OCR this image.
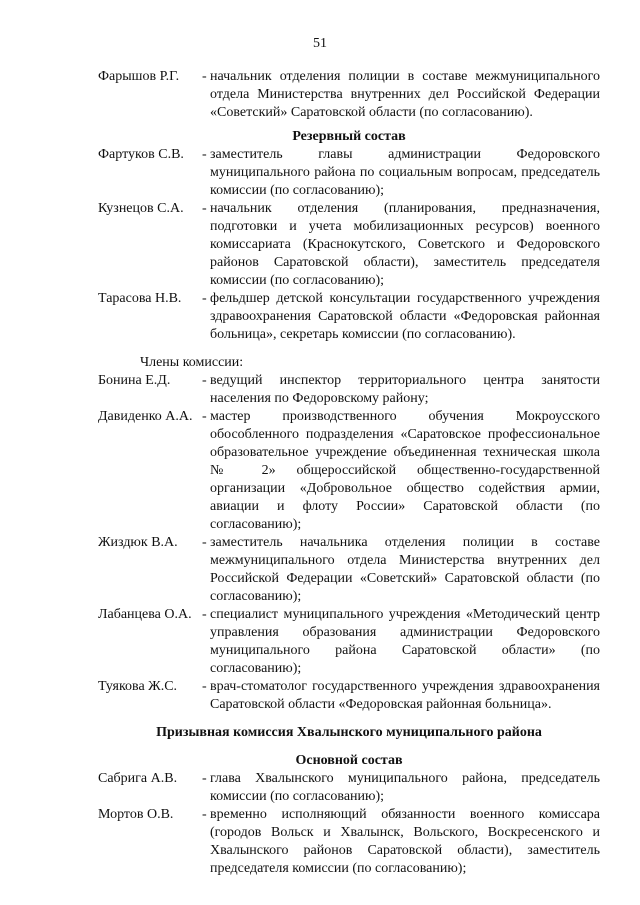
51
Фарышов Р.Г.	- начальник отделения полиции в составе межмуниципального отдела Министерства внутренних дел Российской Федерации «Советский» Саратовской области (по согласованию).
Резервный состав
Фартуков С.В.	- заместитель главы администрации Федоровского муниципального района по социальным вопросам, председатель комиссии (по согласованию);
Кузнецов С.А.	- начальник отделения (планирования, предназначения, подготовки и учета мобилизационных ресурсов) военного комиссариата (Краснокутского, Советского и Федоровского районов Саратовской области), заместитель председателя комиссии (по согласованию);
Тарасова Н.В.	- фельдшер детской консультации государственного учреждения здравоохранения Саратовской области «Федоровская районная больница», секретарь комиссии (по согласованию).
Члены комиссии:
Бонина Е.Д.	- ведущий инспектор территориального центра занятости населения по Федоровскому району;
Давиденко А.А. - мастер производственного обучения Мокроусского обособленного подразделения «Саратовское профессиональное образовательное учреждение объединенная техническая школа № 2» общероссийской общественно-государственной организации «Добровольное общество содействия армии, авиации и флоту России» Саратовской области (по согласованию);
Жиздюк В.А.	- заместитель начальника отделения полиции в составе межмуниципального отдела Министерства внутренних дел Российской Федерации «Советский» Саратовской области (по согласованию);
Лабанцева О.А. - специалист муниципального учреждения «Методический центр управления образования администрации Федоровского муниципального района Саратовской области» (по согласованию);
Туякова Ж.С.	- врач-стоматолог государственного учреждения здравоохранения Саратовской области «Федоровская районная больница».
Призывная комиссия Хвалынского муниципального района
Основной состав
Сабрига А.В.	- глава Хвалынского муниципального района, председатель комиссии (по согласованию);
Мортов О.В.	- временно исполняющий обязанности военного комиссара (городов Вольск и Хвалынск, Вольского, Воскресенского и Хвалынского районов Саратовской области), заместитель председателя комиссии (по согласованию);
